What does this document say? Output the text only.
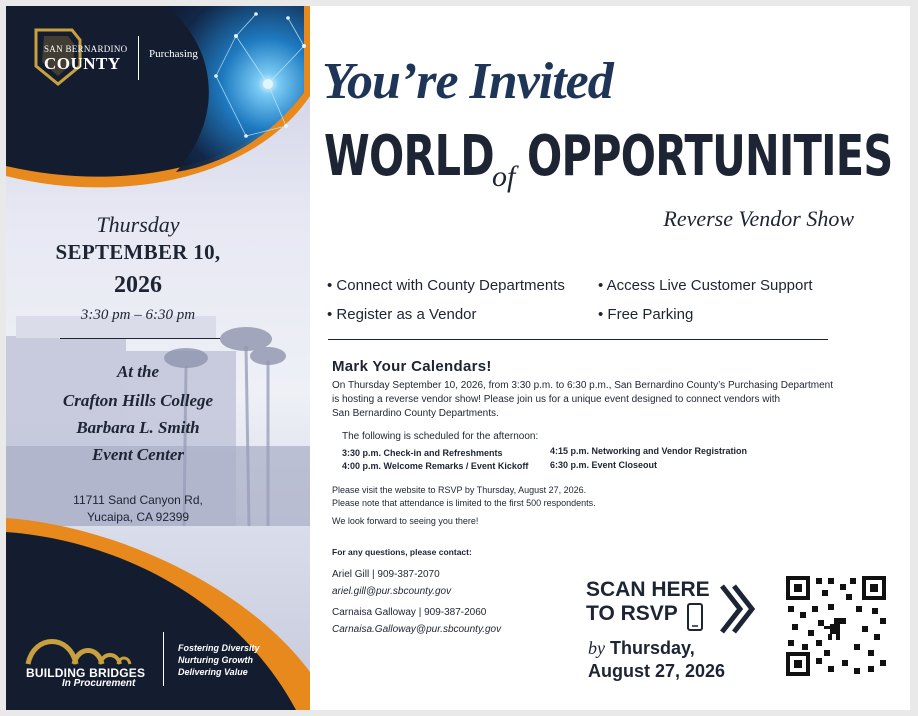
SAN BERNARDINO
COUNTY	Purchasing
Thursday
SEPTEMBER 10,
2026
3:30 pm – 6:30 pm
At the
Crafton Hills College
Barbara L. Smith
Event Center
11711 Sand Canyon Rd,
Yucaipa, CA 92399
BUILDING BRIDGES
In Procurement
Fostering Diversity
Nurturing Growth
Delivering Value
You’re Invited
WORLD
of OPPORTUNITIES
Reverse Vendor Show
• Connect with County Departments • Access Live Customer Support
• Register as a Vendor	• Free Parking
Mark Your Calendars!
On Thursday September 10, 2026, from 3:30 p.m. to 6:30 p.m., San Bernardino County’s Purchasing Department
is hosting a reverse vendor show! Please join us for a unique event designed to connect vendors with
San Bernardino County Departments.
The following is scheduled for the afternoon:
3:30 p.m. Check-in and Refreshments	4:15 p.m. Networking and Vendor Registration
4:00 p.m. Welcome Remarks / Event Kickoff 6:30 p.m. Event Closeout
Please visit the website to RSVP by Thursday, August 27, 2026.
Please note that attendance is limited to the first 500 respondents.
We look forward to seeing you there!
For any questions, please contact:
Ariel Gill | 909-387-2070
ariel.gill@pur.sbcounty.gov
Carnaisa Galloway | 909-387-2060
Carnaisa.Galloway@pur.sbcounty.gov
SCAN HERE
TO RSVP
by Thursday,
August 27, 2026
